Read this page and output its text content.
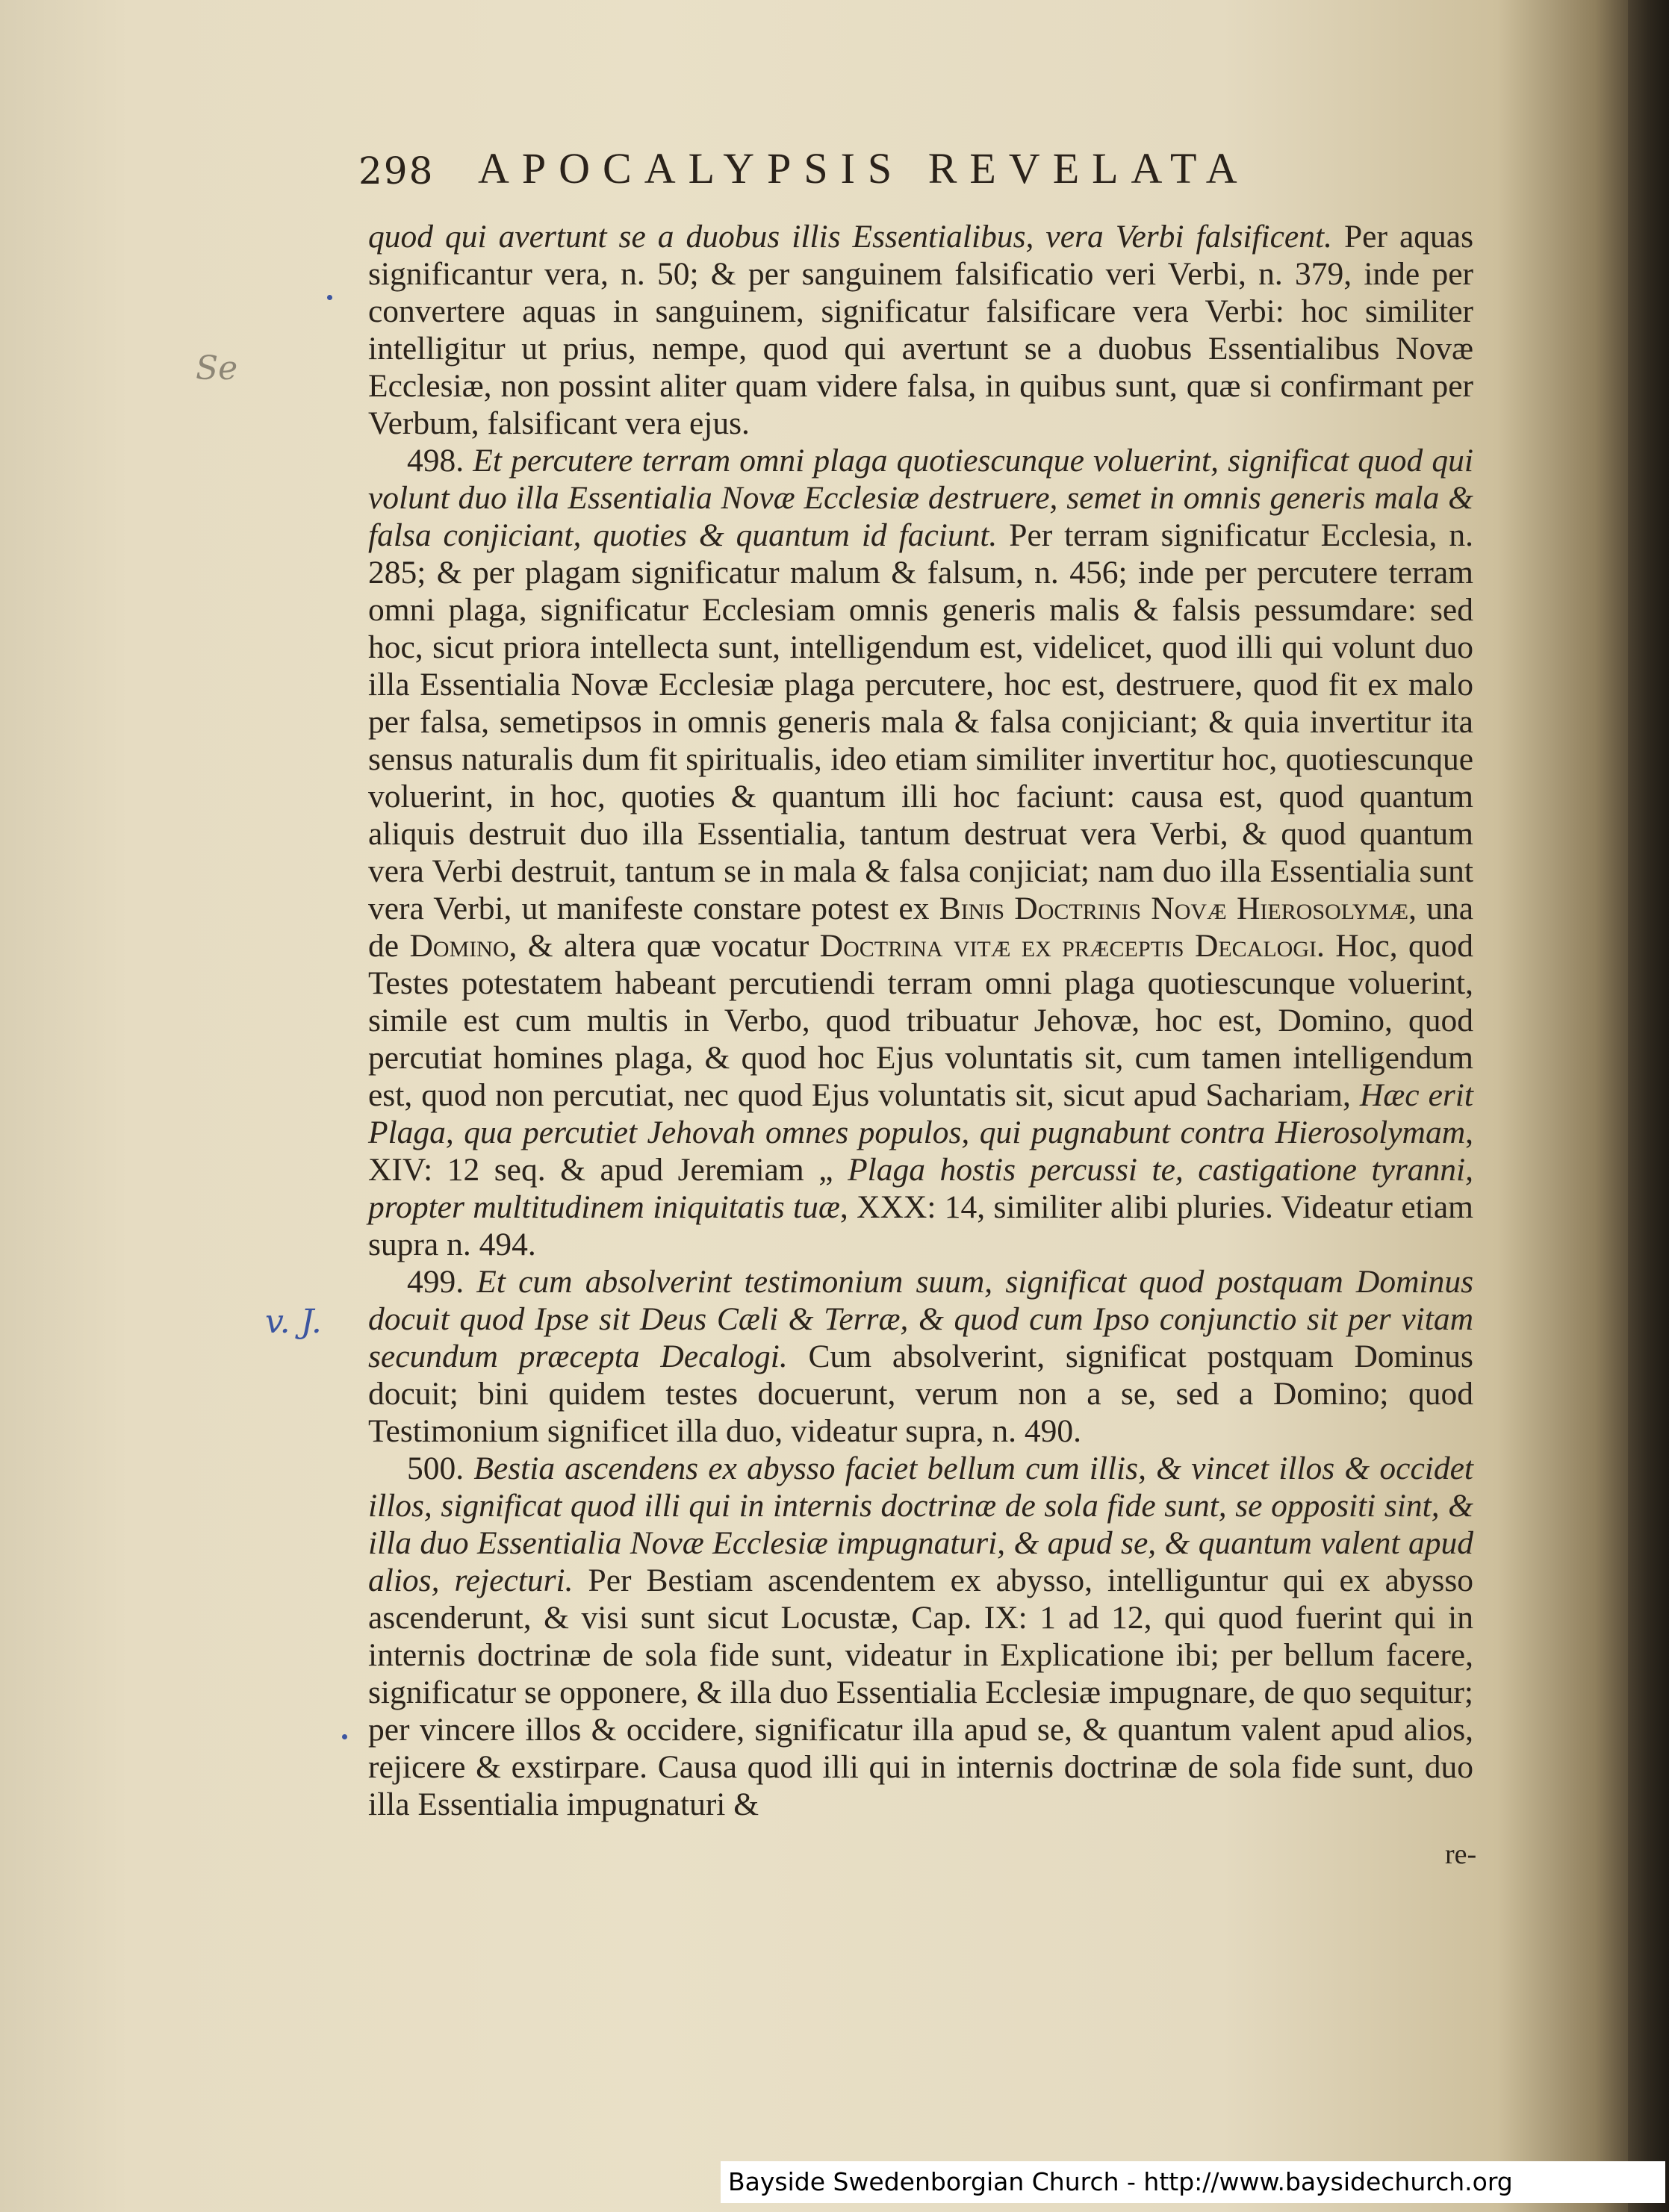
298 APOCALYPSIS REVELATA
Se
v. J.

quod qui avertunt se a duobus illis Essentialibus, vera Verbi falsificent. Per aquas significantur vera, n. 50; & per sanguinem falsificatio veri Verbi, n. 379, inde per convertere aquas in sanguinem, significatur falsificare vera Verbi: hoc similiter intelligitur ut prius, nempe, quod qui avertunt se a duobus Essentialibus Novæ Ecclesiæ, non possint aliter quam videre falsa, in quibus sunt, quæ si confirmant per Verbum, falsificant vera ejus.

498. Et percutere terram omni plaga quotiescunque voluerint, significat quod qui volunt duo illa Essentialia Novæ Ecclesiæ destruere, semet in omnis generis mala & falsa conjiciant, quoties & quantum id faciunt. Per terram significatur Ecclesia, n. 285; & per plagam significatur malum & falsum, n. 456; inde per percutere terram omni plaga, significatur Ecclesiam omnis generis malis & falsis pessumdare: sed hoc, sicut priora intellecta sunt, intelligendum est, videlicet, quod illi qui volunt duo illa Essentialia Novæ Ecclesiæ plaga percutere, hoc est, destruere, quod fit ex malo per falsa, semetipsos in omnis generis mala & falsa conjiciant; & quia invertitur ita sensus naturalis dum fit spiritualis, ideo etiam similiter invertitur hoc, quotiescunque voluerint, in hoc, quoties & quantum illi hoc faciunt: causa est, quod quantum aliquis destruit duo illa Essentialia, tantum destruat vera Verbi, & quod quantum vera Verbi destruit, tantum se in mala & falsa conjiciat; nam duo illa Essentialia sunt vera Verbi, ut manifeste constare potest ex Binis Doctrinis Novæ Hierosolymæ, una de Domino, & altera quæ vocatur Doctrina vitæ ex præceptis Decalogi. Hoc, quod Testes potestatem habeant percutiendi terram omni plaga quotiescunque voluerint, simile est cum multis in Verbo, quod tribuatur Jehovæ, hoc est, Domino, quod percutiat homines plaga, & quod hoc Ejus voluntatis sit, cum tamen intelligendum est, quod non percutiat, nec quod Ejus voluntatis sit, sicut apud Sachariam, Hæc erit Plaga, qua percutiet Jehovah omnes populos, qui pugnabunt contra Hierosolymam, XIV: 12 seq. & apud Jeremiam „ Plaga hostis percussi te, castigatione tyranni, propter multitudinem iniquitatis tuæ, XXX: 14, similiter alibi pluries. Videatur etiam supra n. 494.

499. Et cum absolverint testimonium suum, significat quod postquam Dominus docuit quod Ipse sit Deus Cæli & Terræ, & quod cum Ipso conjunctio sit per vitam secundum præcepta Decalogi. Cum absolverint, significat postquam Dominus docuit; bini quidem testes docuerunt, verum non a se, sed a Domino; quod Testimonium significet illa duo, videatur supra, n. 490.

500. Bestia ascendens ex abysso faciet bellum cum illis, & vincet illos & occidet illos, significat quod illi qui in internis doctrinæ de sola fide sunt, se oppositi sint, & illa duo Essentialia Novæ Ecclesiæ impugnaturi, & apud se, & quantum valent apud alios, rejecturi. Per Bestiam ascendentem ex abysso, intelliguntur qui ex abysso ascenderunt, & visi sunt sicut Locustæ, Cap. IX: 1 ad 12, qui quod fuerint qui in internis doctrinæ de sola fide sunt, videatur in Explicatione ibi; per bellum facere, significatur se opponere, & illa duo Essentialia Ecclesiæ impugnare, de quo sequitur; per vincere illos & occidere, significatur illa apud se, & quantum valent apud alios, rejicere & exstirpare. Causa quod illi qui in internis doctrinæ de sola fide sunt, duo illa Essentialia impugnaturi &

re-
Bayside Swedenborgian Church - http://www.baysidechurch.org
